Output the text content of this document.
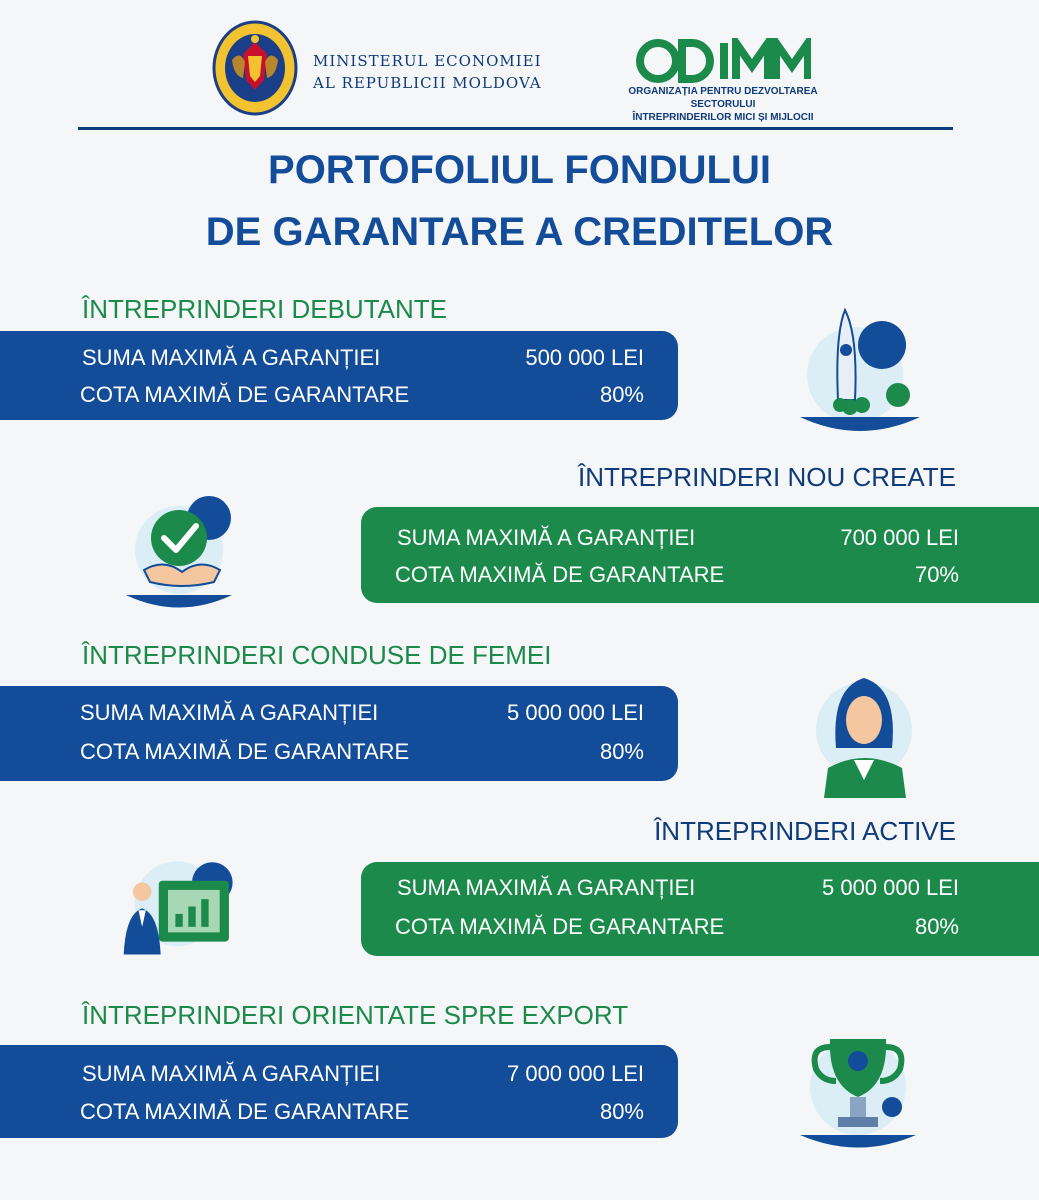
MINISTERUL ECONOMIEI
AL REPUBLICII MOLDOVA	ORGANIZAȚIA PENTRU DEZVOLTAREA SECTORULUI
ÎNTREPRINDERILOR MICI ȘI MIJLOCII
PORTOFOLIUL FONDULUI
DE GARANTARE A CREDITELOR
ÎNTREPRINDERI DEBUTANTE
SUMA MAXIMĂ A GARANȚIEI	500 000 LEI
COTA MAXIMĂ DE GARANTARE	80%
ÎNTREPRINDERI NOU CREATE
SUMA MAXIMĂ A GARANȚIEI	700 000 LEI
COTA MAXIMĂ DE GARANTARE	70%
ÎNTREPRINDERI CONDUSE DE FEMEI
SUMA MAXIMĂ A GARANȚIEI	5 000 000 LEI
COTA MAXIMĂ DE GARANTARE	80%
ÎNTREPRINDERI ACTIVE
SUMA MAXIMĂ A GARANȚIEI	5 000 000 LEI
COTA MAXIMĂ DE GARANTARE	80%
ÎNTREPRINDERI ORIENTATE SPRE EXPORT
SUMA MAXIMĂ A GARANȚIEI	7 000 000 LEI
COTA MAXIMĂ DE GARANTARE	80%
